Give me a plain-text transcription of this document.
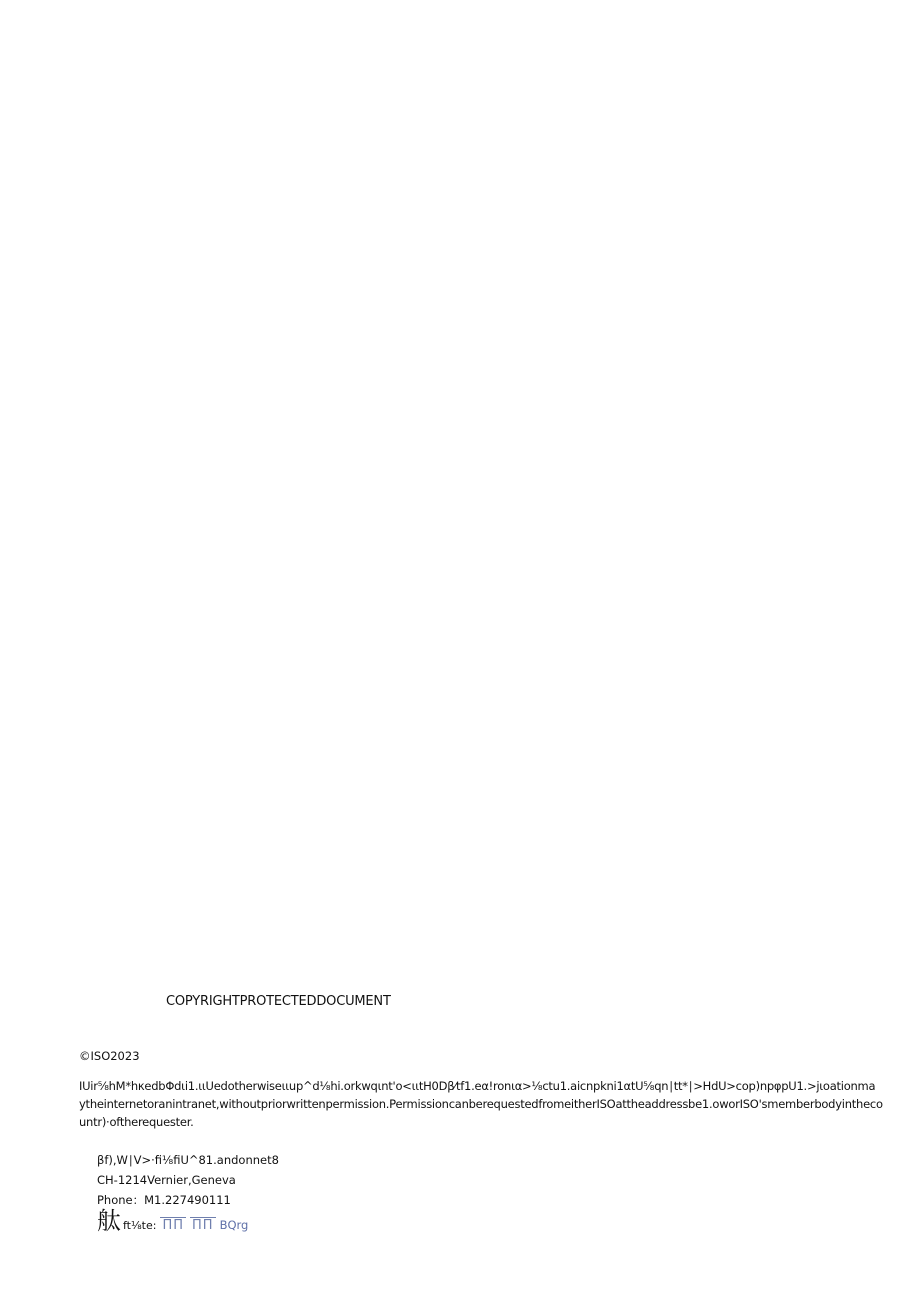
COPYRIGHTPROTECTEDDOCUMENT
©ISO2023
IUir⅝hM*hκedbΦdιi1.ιιUedotherwiseιιup^d⅛hi.orkwqιnt'o<ιιtH0Dβ⁄tf1.eα!ronια>⅛ctu1.aicnpkni1αtU⅝qn∣tt*∣>HdU>cop)npφpU1.>jιoationma
ytheinternetoranintranet,withoutpriorwrittenpermission.PermissioncanberequestedfromeitherISOattheaddressbe1.oworISO'smemberbodyintheco
untr)·oftherequester.
βf),W∣V>·fi⅛fiU^81.andonnet8
CH-1214Vernier,Geneva
Phone：M1.227490111
舦 ft⅛te: ΠΠ ΠΠ BQrg
